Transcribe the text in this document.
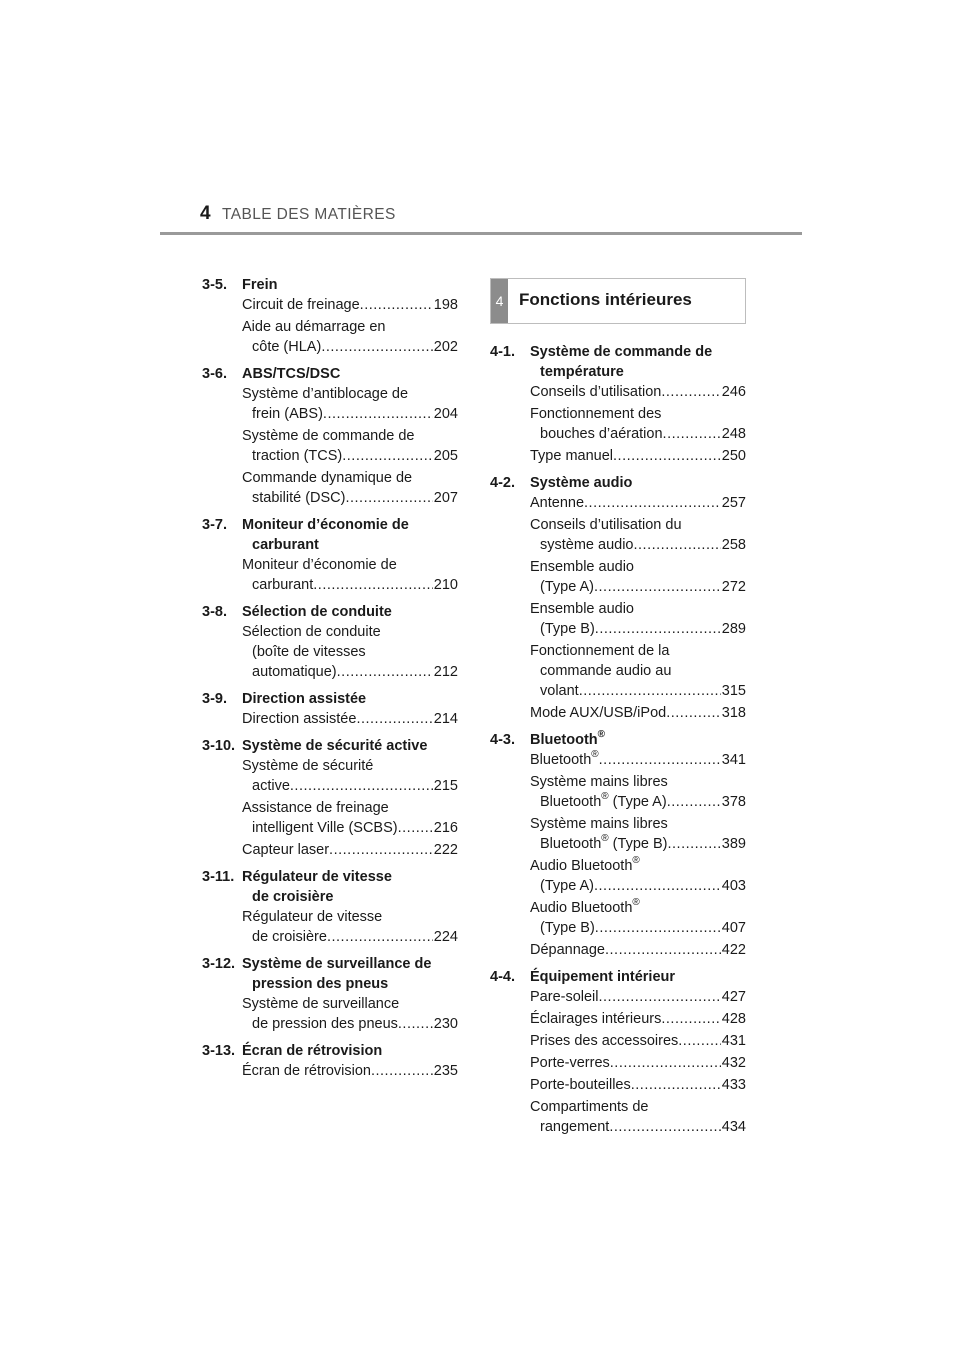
4 TABLE DES MATIÈRES
3-5. Frein
Circuit de freinage .....	198
Aide au démarrage en
côte (HLA) .....	202
3-6. ABS/TCS/DSC
Système d’antiblocage de
frein (ABS) .....	204
Système de commande de
traction (TCS) .....	205
Commande dynamique de
stabilité (DSC) .....	207
3-7. Moniteur d’économie de
carburant
Moniteur d’économie de
carburant .....	210
3-8. Sélection de conduite
Sélection de conduite
(boîte de vitesses
automatique) .....	212
3-9. Direction assistée
Direction assistée .....	214
3-10. Système de sécurité active
Système de sécurité
active .....	215
Assistance de freinage
intelligent Ville (SCBS) ..... 216
Capteur laser .....	222
3-11. Régulateur de vitesse
de croisière
Régulateur de vitesse
de croisière .....	224
3-12. Système de surveillance de
pression des pneus
Système de surveillance
de pression des pneus ..... 230
3-13. Écran de rétrovision
Écran de rétrovision .....	235
4 Fonctions intérieures
4-1. Système de commande de
température
Conseils d’utilisation .....	246
Fonctionnement des
bouches d’aération .....	248
Type manuel .....	250
4-2. Système audio
Antenne .....	257
Conseils d’utilisation du
système audio .....	258
Ensemble audio
(Type A) .....	272
Ensemble audio
(Type B) .....	289
Fonctionnement de la
commande audio au
volant .....	315
Mode AUX/USB/iPod .....	318
4-3. Bluetooth®
Bluetooth® .....	341
Système mains libres
Bluetooth® (Type A) .....	378
Système mains libres
Bluetooth® (Type B) .....	389
Audio Bluetooth®
(Type A) .....	403
Audio Bluetooth®
(Type B) .....	407
Dépannage .....	422
4-4. Équipement intérieur
Pare-soleil .....	427
Éclairages intérieurs .....	428
Prises des accessoires .....	431
Porte-verres .....	432
Porte-bouteilles .....	433
Compartiments de
rangement .....	434
